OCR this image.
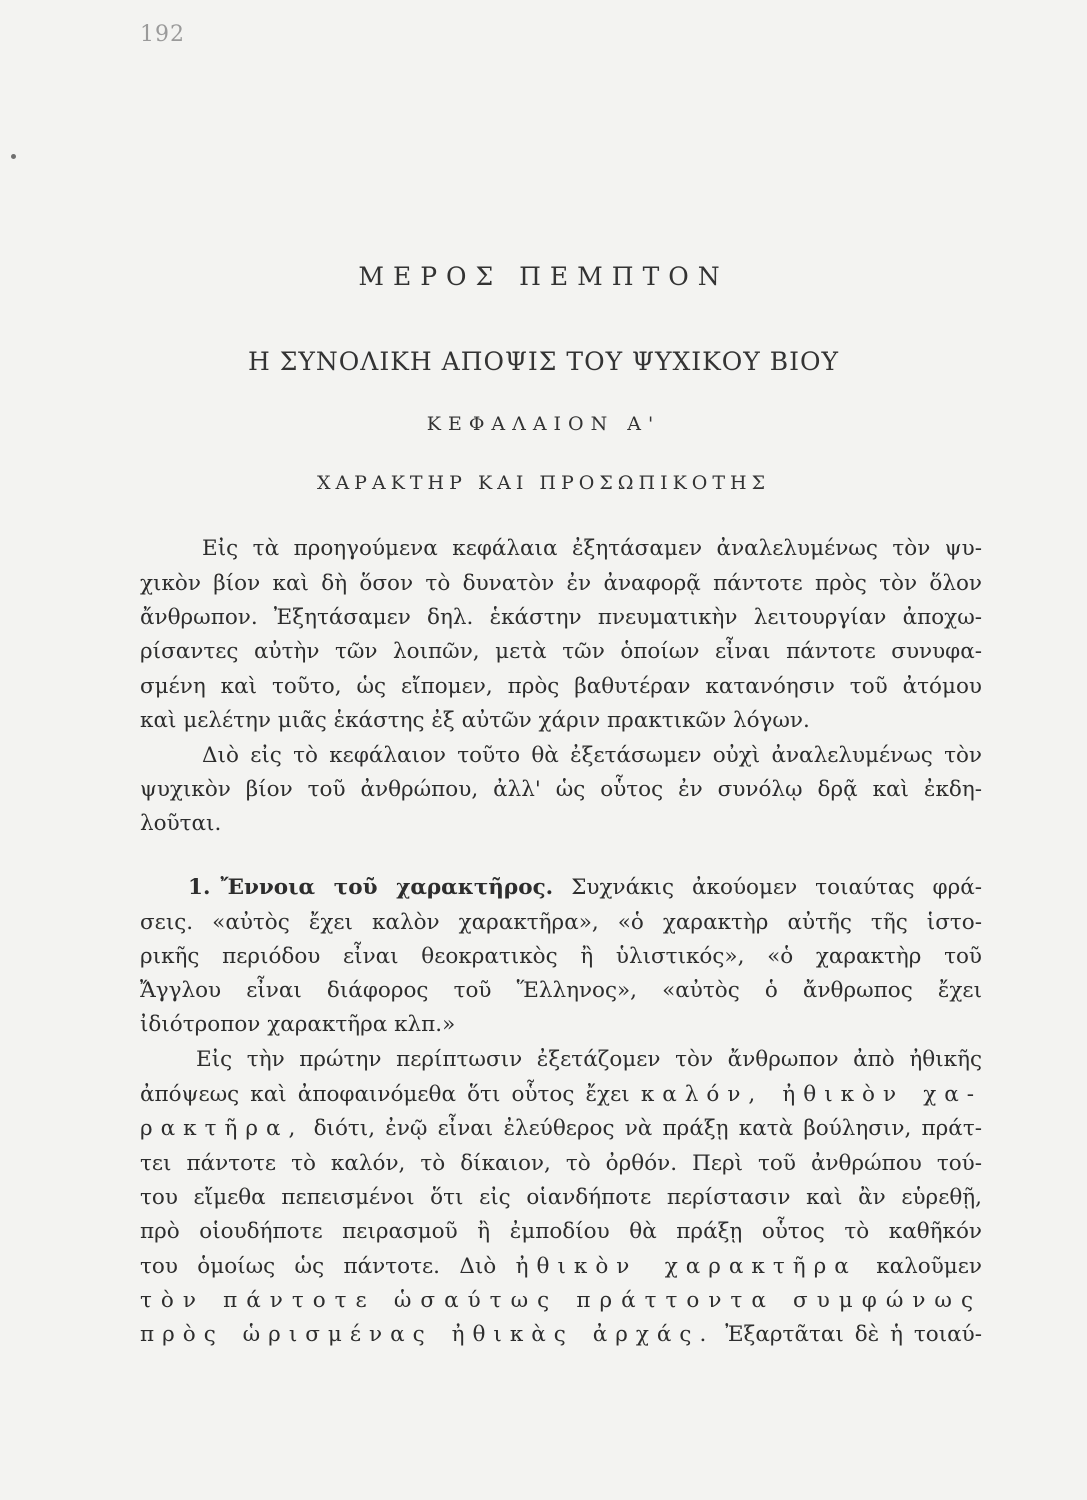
192
ΜΕΡΟΣ ΠΕΜΠΤΟΝ
Η ΣΥΝΟΛΙΚΗ ΑΠΟΨΙΣ ΤΟΥ ΨΥΧΙΚΟΥ ΒΙΟΥ
ΚΕΦΑΛΑΙΟΝ Α'
ΧΑΡΑΚΤΗΡ ΚΑΙ ΠΡΟΣΩΠΙΚΟΤΗΣ
Εἰς τὰ προηγούμενα κεφάλαια ἐξητάσαμεν ἀναλελυμένως τὸν ψυ-
χικὸν βίον καὶ δὴ ὅσον τὸ δυνατὸν ἐν ἀναφορᾷ πάντοτε πρὸς τὸν ὅλον
ἄνθρωπον. Ἐξητάσαμεν δηλ. ἑκάστην πνευματικὴν λειτουργίαν ἀποχω-
ρίσαντες αὐτὴν τῶν λοιπῶν, μετὰ τῶν ὁποίων εἶναι πάντοτε συνυφα-
σμένη καὶ τοῦτο, ὡς εἴπομεν, πρὸς βαθυτέραν κατανόησιν τοῦ ἀτόμου
καὶ μελέτην μιᾶς ἑκάστης ἐξ αὐτῶν χάριν πρακτικῶν λόγων.
Διὸ εἰς τὸ κεφάλαιον τοῦτο θὰ ἐξετάσωμεν οὐχὶ ἀναλελυμένως τὸν
ψυχικὸν βίον τοῦ ἀνθρώπου, ἀλλ' ὡς οὗτος ἐν συνόλῳ δρᾷ καὶ ἐκδη-
λοῦται.
1. Ἔννοια τοῦ χαρακτῆρος. Συχνάκις ἀκούομεν τοιαύτας φρά-
σεις. «αὐτὸς ἔχει καλὸν χαρακτῆρα», «ὁ χαρακτὴρ αὐτῆς τῆς ἱστο-
ρικῆς περιόδου εἶναι θεοκρατικὸς ἢ ὑλιστικός», «ὁ χαρακτὴρ τοῦ
Ἄγγλου εἶναι διάφορος τοῦ Ἕλληνος», «αὐτὸς ὁ ἄνθρωπος ἔχει
ἰδιότροπον χαρακτῆρα κλπ.»
Εἰς τὴν πρώτην περίπτωσιν ἐξετάζομεν τὸν ἄνθρωπον ἀπὸ ἠθικῆς
ἀπόψεως καὶ ἀποφαινόμεθα ὅτι οὗτος ἔχει καλόν, ἠθικὸν χα-
ρακτῆρα, διότι, ἐνῷ εἶναι ἐλεύθερος νὰ πράξῃ κατὰ βούλησιν, πράτ-
τει πάντοτε τὸ καλόν, τὸ δίκαιον, τὸ ὀρθόν. Περὶ τοῦ ἀνθρώπου τού-
του εἴμεθα πεπεισμένοι ὅτι εἰς οἱανδήποτε περίστασιν καὶ ἂν εὑρεθῇ,
πρὸ οἱουδήποτε πειρασμοῦ ἢ ἐμποδίου θὰ πράξῃ οὗτος τὸ καθῆκόν
του ὁμοίως ὡς πάντοτε. Διὸ ἠθικὸν χαρακτῆρα καλοῦμεν
τὸν πάντοτε ὡσαύτως πράττοντα συμφώνως
πρὸς ὡρισμένας ἠθικὰς ἀρχάς. Ἐξαρτᾶται δὲ ἡ τοιαύ-
